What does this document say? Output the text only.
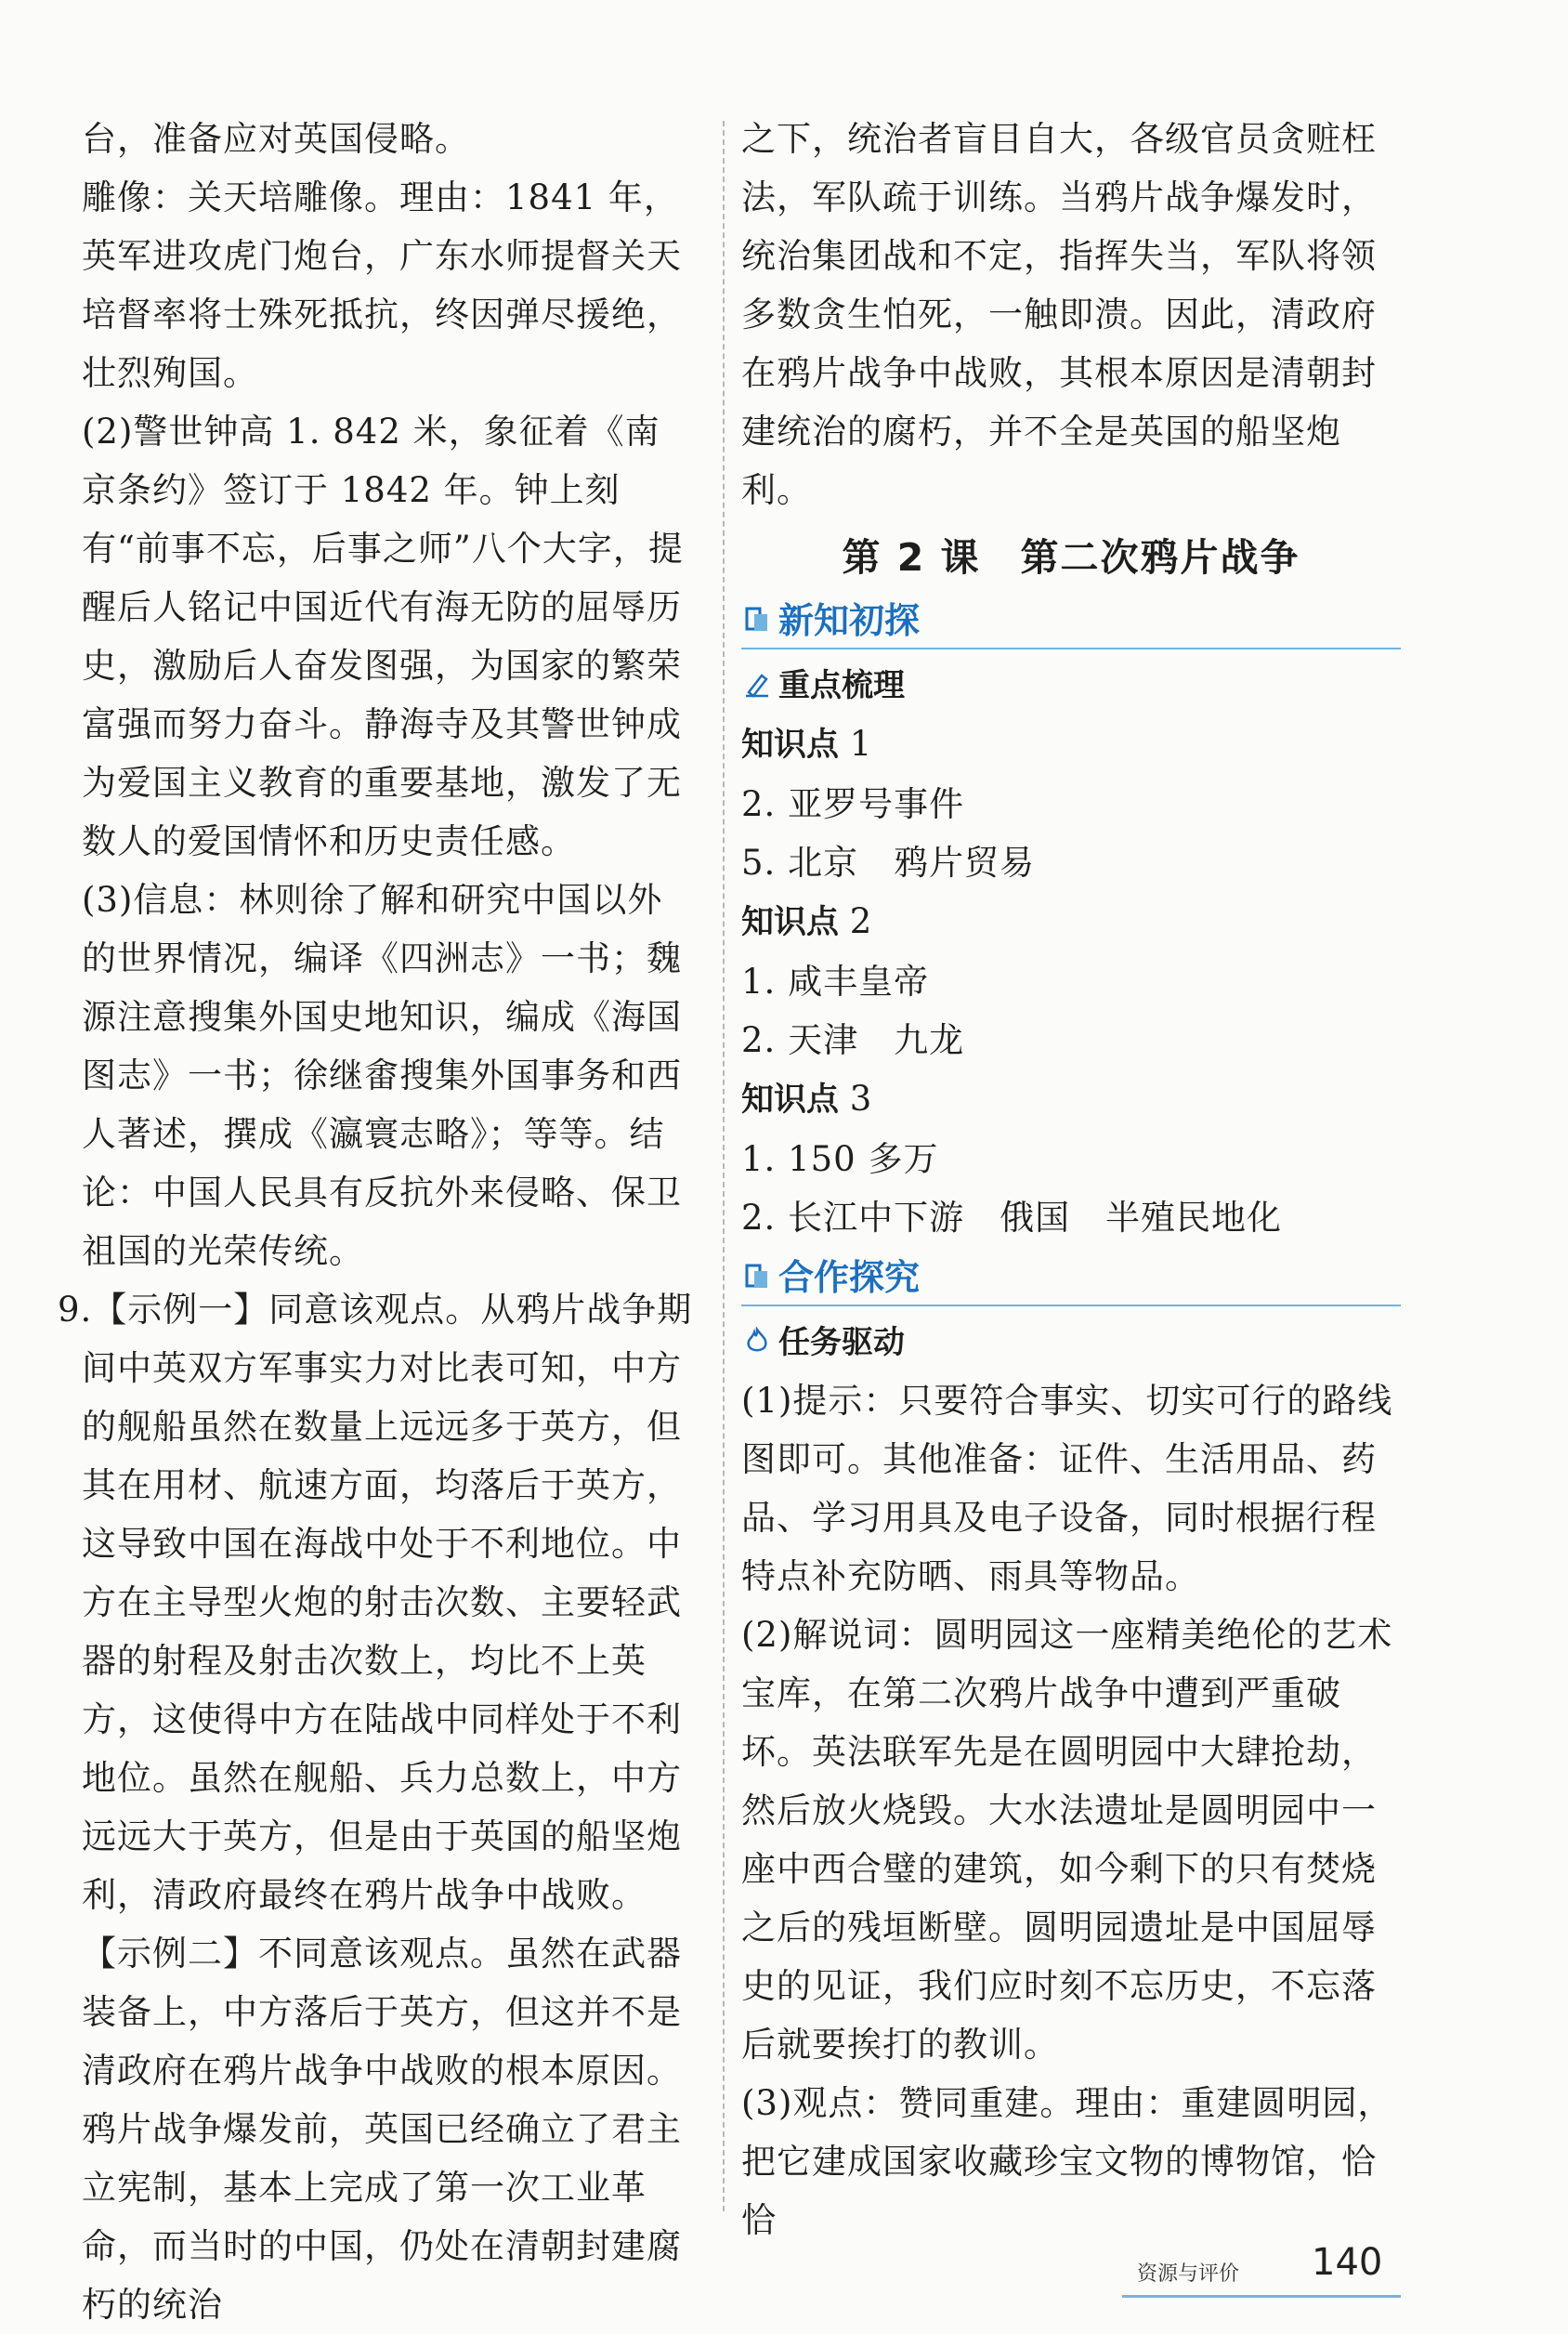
台，准备应对英国侵略。

雕像：关天培雕像。理由：1841 年，英军进攻虎门炮台，广东水师提督关天培督率将士殊死抵抗，终因弹尽援绝，壮烈殉国。

(2)警世钟高 1. 842 米，象征着《南京条约》签订于 1842 年。钟上刻有“前事不忘，后事之师”八个大字，提醒后人铭记中国近代有海无防的屈辱历史，激励后人奋发图强，为国家的繁荣富强而努力奋斗。静海寺及其警世钟成为爱国主义教育的重要基地，激发了无数人的爱国情怀和历史责任感。

(3)信息：林则徐了解和研究中国以外的世界情况，编译《四洲志》一书；魏源注意搜集外国史地知识，编成《海国图志》一书；徐继畬搜集外国事务和西人著述，撰成《瀛寰志略》；等等。结论：中国人民具有反抗外来侵略、保卫祖国的光荣传统。

9.【示例一】同意该观点。从鸦片战争期间中英双方军事实力对比表可知，中方的舰船虽然在数量上远远多于英方，但其在用材、航速方面，均落后于英方，这导致中国在海战中处于不利地位。中方在主导型火炮的射击次数、主要轻武器的射程及射击次数上，均比不上英方，这使得中方在陆战中同样处于不利地位。虽然在舰船、兵力总数上，中方远远大于英方，但是由于英国的船坚炮利，清政府最终在鸦片战争中战败。

【示例二】不同意该观点。虽然在武器装备上，中方落后于英方，但这并不是清政府在鸦片战争中战败的根本原因。鸦片战争爆发前，英国已经确立了君主立宪制，基本上完成了第一次工业革命，而当时的中国，仍处在清朝封建腐朽的统治

之下，统治者盲目自大，各级官员贪赃枉法，军队疏于训练。当鸦片战争爆发时，统治集团战和不定，指挥失当，军队将领多数贪生怕死，一触即溃。因此，清政府在鸦片战争中战败，其根本原因是清朝封建统治的腐朽，并不全是英国的船坚炮利。

第 2 课　第二次鸦片战争
新知初探
重点梳理
知识点 1

2. 亚罗号事件

5. 北京　鸦片贸易

知识点 2

1. 咸丰皇帝

2. 天津　九龙

知识点 3

1. 150 多万

2. 长江中下游　俄国　半殖民地化

合作探究
任务驱动

(1)提示：只要符合事实、切实可行的路线图即可。其他准备：证件、生活用品、药品、学习用具及电子设备，同时根据行程特点补充防晒、雨具等物品。

(2)解说词：圆明园这一座精美绝伦的艺术宝库，在第二次鸦片战争中遭到严重破坏。英法联军先是在圆明园中大肆抢劫，然后放火烧毁。大水法遗址是圆明园中一座中西合璧的建筑，如今剩下的只有焚烧之后的残垣断壁。圆明园遗址是中国屈辱史的见证，我们应时刻不忘历史，不忘落后就要挨打的教训。

(3)观点：赞同重建。理由：重建圆明园，把它建成国家收藏珍宝文物的博物馆，恰恰

资源与评价 140
